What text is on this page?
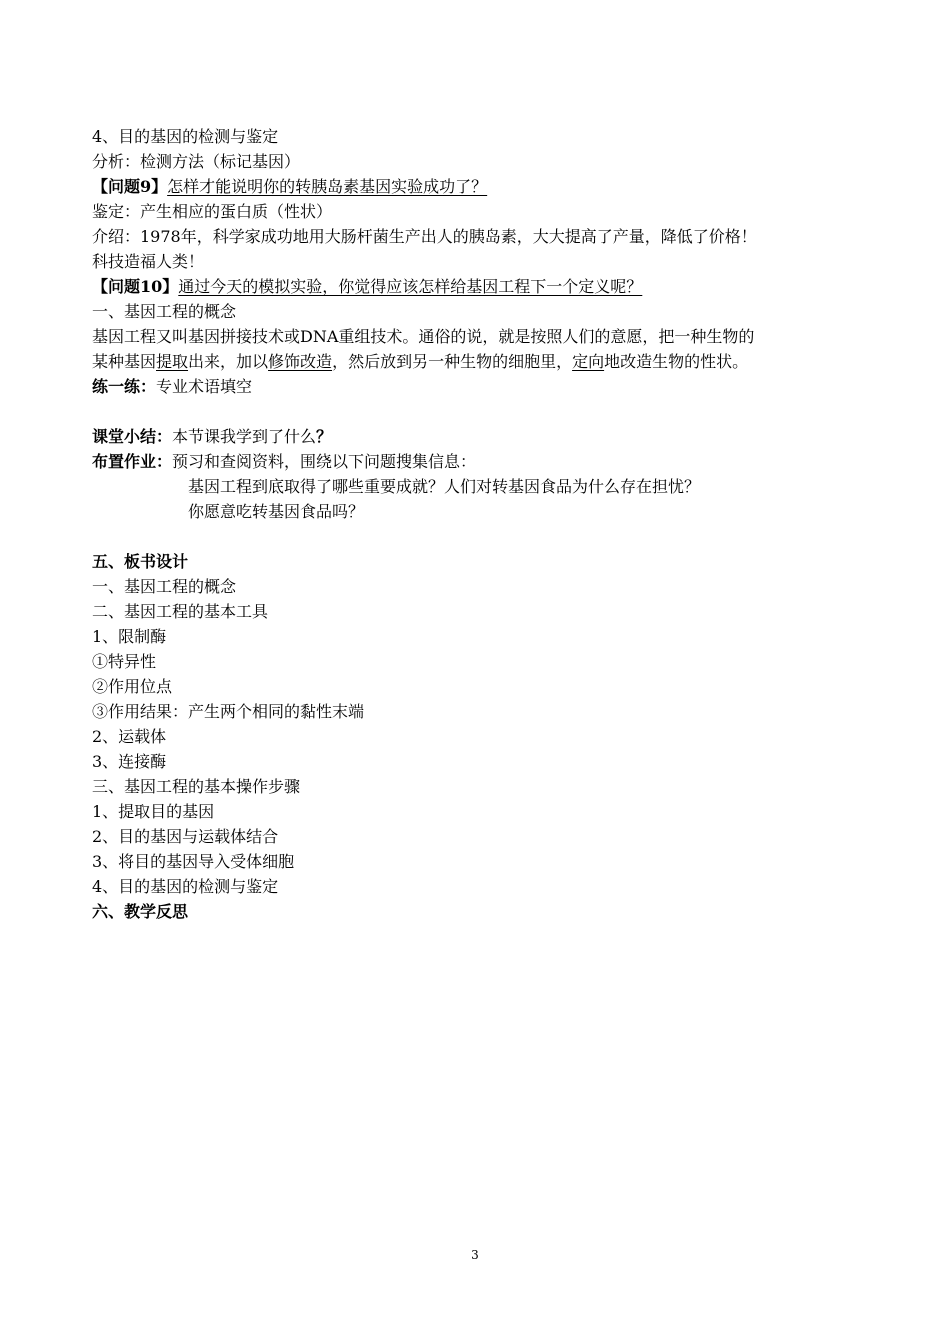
4、目的基因的检测与鉴定
分析：检测方法（标记基因）
【问题9】怎样才能说明你的转胰岛素基因实验成功了？
鉴定：产生相应的蛋白质（性状）
介绍：1978年，科学家成功地用大肠杆菌生产出人的胰岛素，大大提高了产量，降低了价格！
科技造福人类！
【问题10】通过今天的模拟实验，你觉得应该怎样给基因工程下一个定义呢？
一、基因工程的概念
基因工程又叫基因拼接技术或DNA重组技术。通俗的说，就是按照人们的意愿，把一种生物的
某种基因提取出来，加以修饰改造，然后放到另一种生物的细胞里，定向地改造生物的性状。
练一练：专业术语填空
课堂小结：本节课我学到了什么？
布置作业：预习和查阅资料，围绕以下问题搜集信息：
基因工程到底取得了哪些重要成就？人们对转基因食品为什么存在担忧？
你愿意吃转基因食品吗？
五、板书设计
一、基因工程的概念
二、基因工程的基本工具
1、限制酶
①特异性
②作用位点
③作用结果：产生两个相同的黏性末端
2、运载体
3、连接酶
三、基因工程的基本操作步骤
1、提取目的基因
2、目的基因与运载体结合
3、将目的基因导入受体细胞
4、目的基因的检测与鉴定
六、教学反思
3
